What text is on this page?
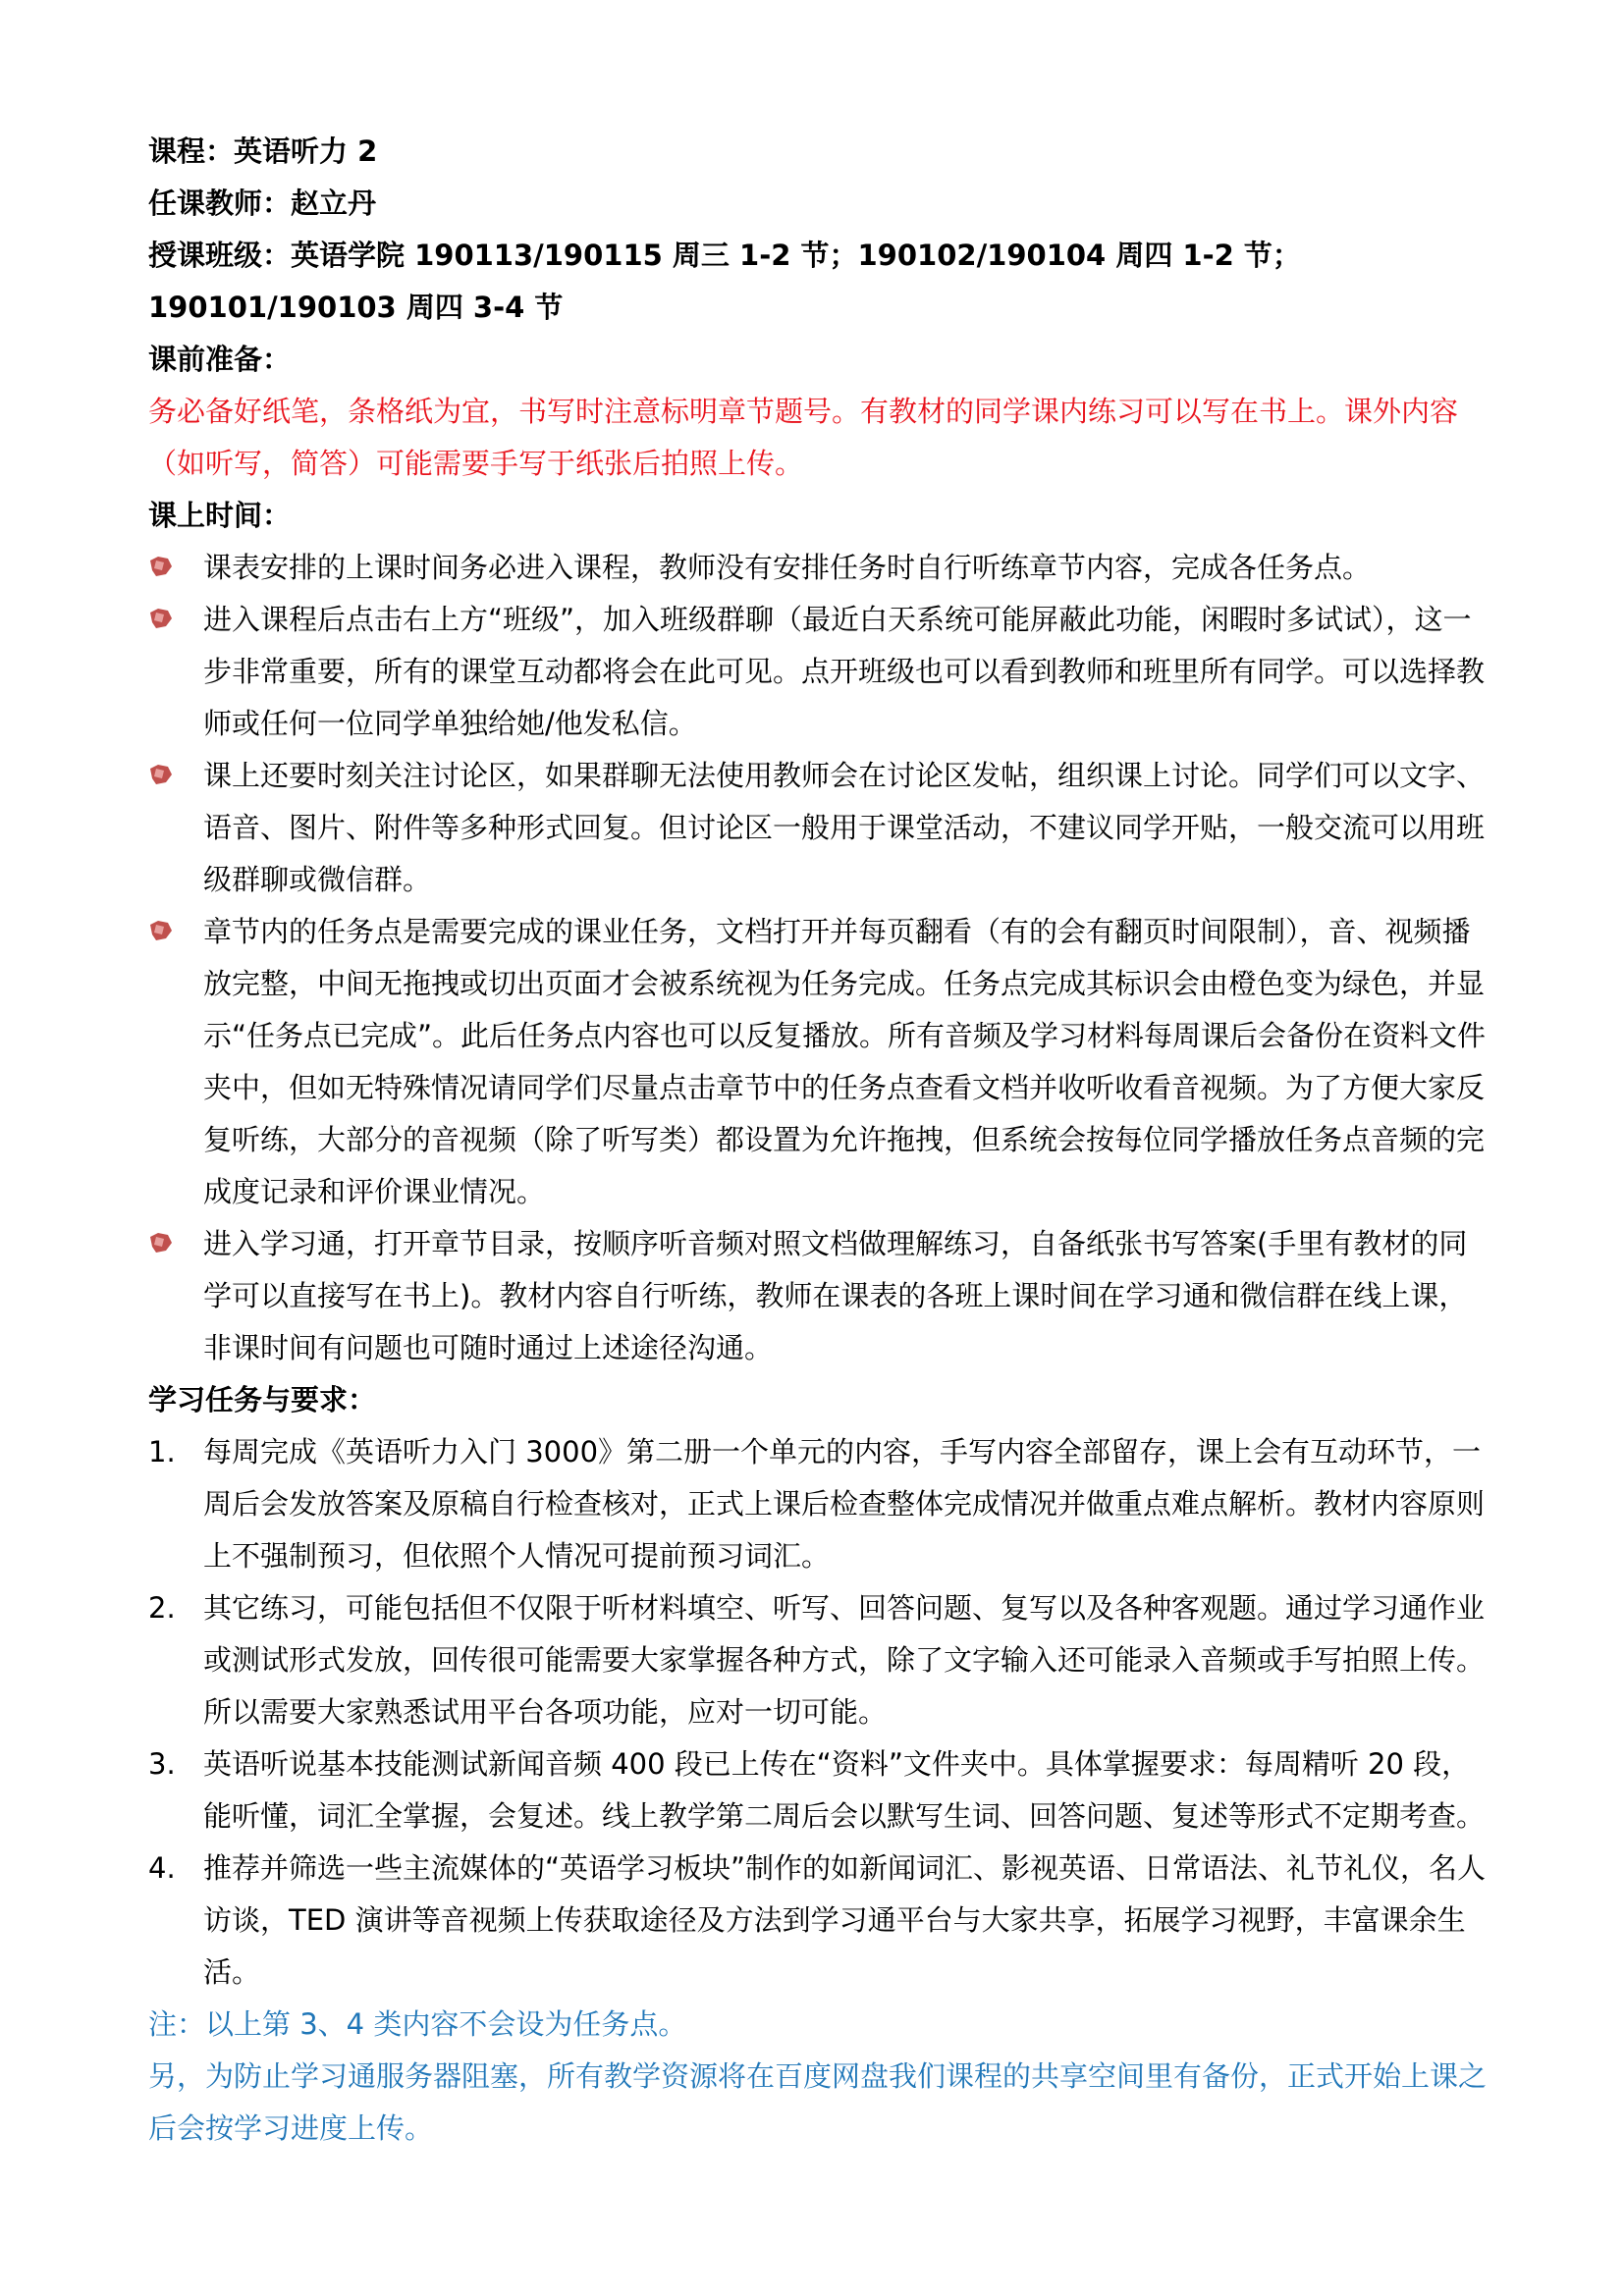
课程：英语听力 2

任课教师：赵立丹

授课班级：英语学院 190113/190115 周三 1-2 节；190102/190104 周四 1-2 节；190101/190103 周四 3-4 节

课前准备：

务必备好纸笔，条格纸为宜，书写时注意标明章节题号。有教材的同学课内练习可以写在书上。课外内容（如听写，简答）可能需要手写于纸张后拍照上传。

课上时间：

课表安排的上课时间务必进入课程，教师没有安排任务时自行听练章节内容，完成各任务点。
进入课程后点击右上方“班级”，加入班级群聊（最近白天系统可能屏蔽此功能，闲暇时多试试），这一步非常重要，所有的课堂互动都将会在此可见。点开班级也可以看到教师和班里所有同学。可以选择教师或任何一位同学单独给她/他发私信。
课上还要时刻关注讨论区，如果群聊无法使用教师会在讨论区发帖，组织课上讨论。同学们可以文字、语音、图片、附件等多种形式回复。但讨论区一般用于课堂活动，不建议同学开贴，一般交流可以用班级群聊或微信群。
章节内的任务点是需要完成的课业任务，文档打开并每页翻看（有的会有翻页时间限制），音、视频播放完整，中间无拖拽或切出页面才会被系统视为任务完成。任务点完成其标识会由橙色变为绿色，并显示“任务点已完成”。此后任务点内容也可以反复播放。所有音频及学习材料每周课后会备份在资料文件夹中，但如无特殊情况请同学们尽量点击章节中的任务点查看文档并收听收看音视频。为了方便大家反复听练，大部分的音视频（除了听写类）都设置为允许拖拽，但系统会按每位同学播放任务点音频的完成度记录和评价课业情况。
进入学习通，打开章节目录，按顺序听音频对照文档做理解练习，自备纸张书写答案(手里有教材的同学可以直接写在书上)。教材内容自行听练，教师在课表的各班上课时间在学习通和微信群在线上课，非课时间有问题也可随时通过上述途径沟通。

学习任务与要求：

1. 每周完成《英语听力入门 3000》第二册一个单元的内容，手写内容全部留存，课上会有互动环节，一周后会发放答案及原稿自行检查核对，正式上课后检查整体完成情况并做重点难点解析。教材内容原则上不强制预习，但依照个人情况可提前预习词汇。
2. 其它练习，可能包括但不仅限于听材料填空、听写、回答问题、复写以及各种客观题。通过学习通作业或测试形式发放，回传很可能需要大家掌握各种方式，除了文字输入还可能录入音频或手写拍照上传。所以需要大家熟悉试用平台各项功能，应对一切可能。
3. 英语听说基本技能测试新闻音频 400 段已上传在“资料”文件夹中。具体掌握要求：每周精听 20 段，能听懂，词汇全掌握，会复述。线上教学第二周后会以默写生词、回答问题、复述等形式不定期考查。
4. 推荐并筛选一些主流媒体的“英语学习板块”制作的如新闻词汇、影视英语、日常语法、礼节礼仪，名人访谈，TED 演讲等音视频上传获取途径及方法到学习通平台与大家共享，拓展学习视野，丰富课余生活。

注：以上第 3、4 类内容不会设为任务点。

另，为防止学习通服务器阻塞，所有教学资源将在百度网盘我们课程的共享空间里有备份，正式开始上课之后会按学习进度上传。
